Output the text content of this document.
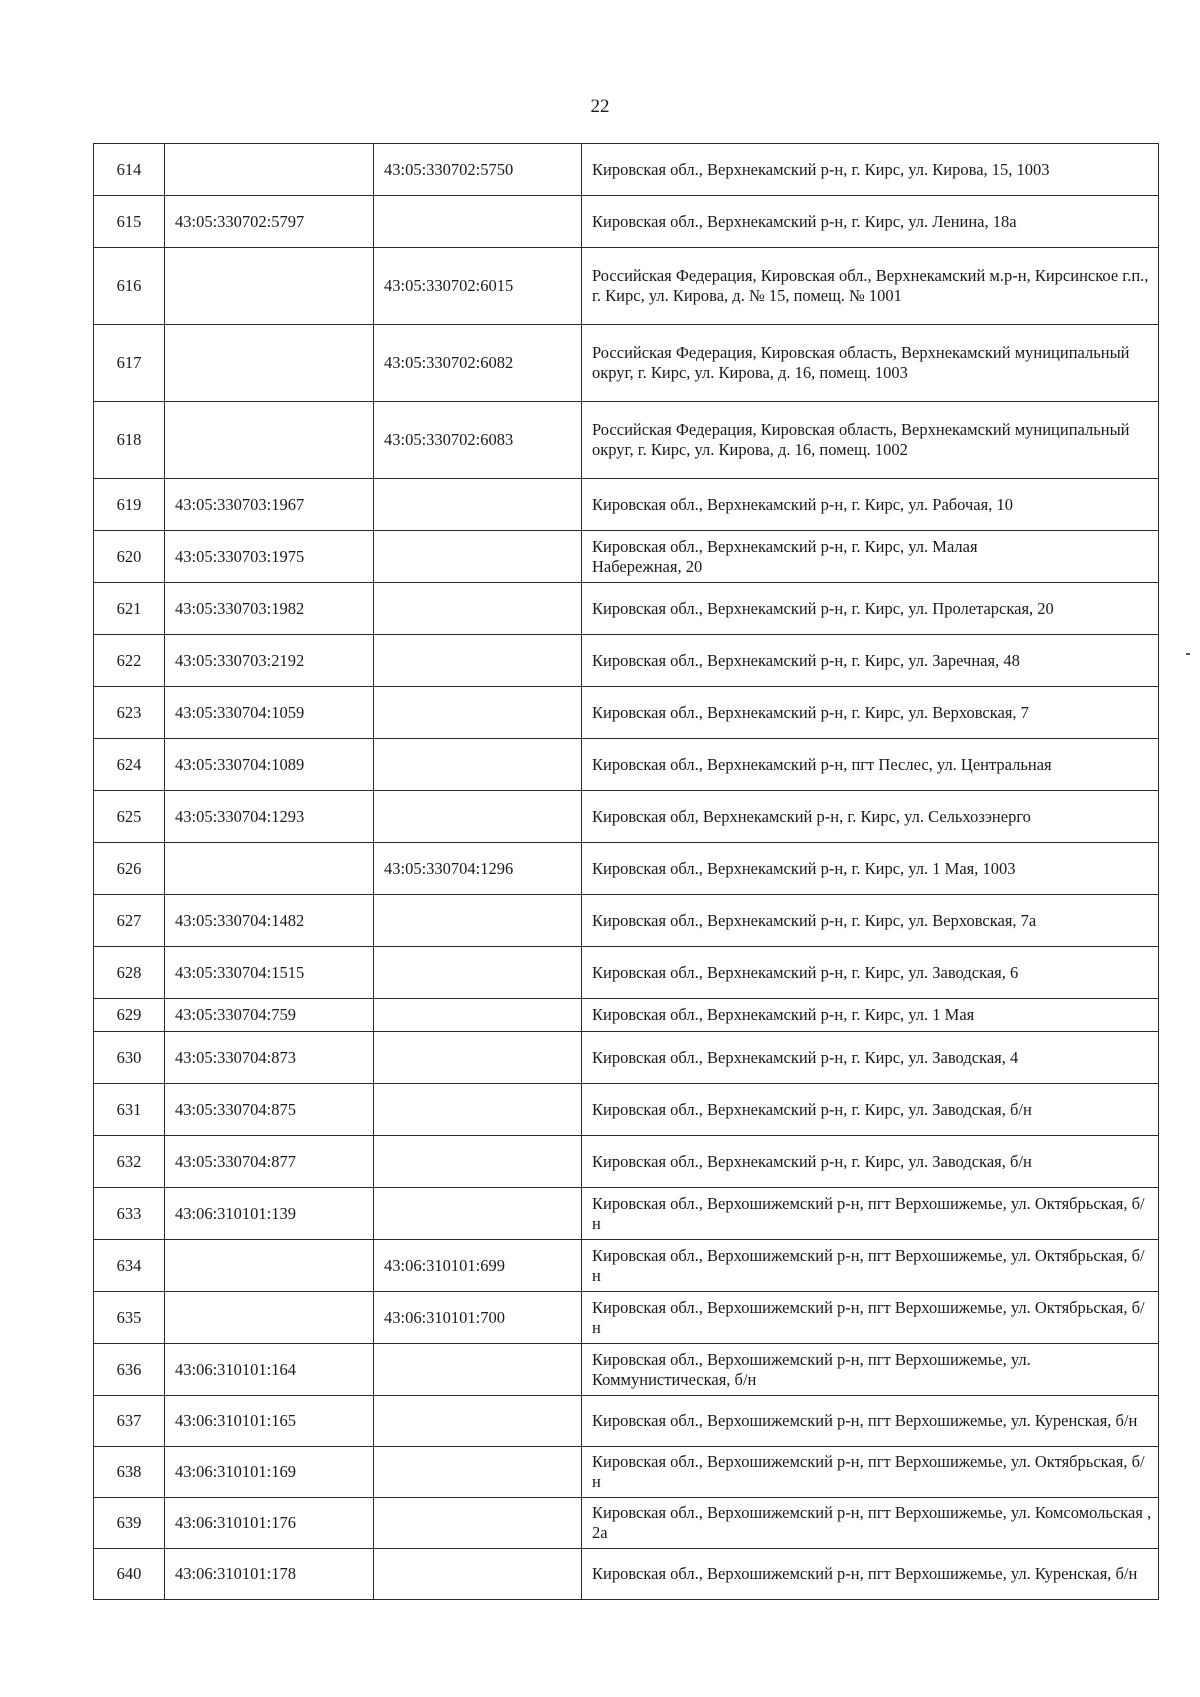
22
614		43:05:330702:5750	Кировская обл., Верхнекамский р-н, г. Кирс, ул. Кирова, 15, 1003
615	43:05:330702:5797		Кировская обл., Верхнекамский р-н, г. Кирс, ул. Ленина, 18а
616		43:05:330702:6015	Российская Федерация, Кировская обл., Верхнекамский м.р-н, Кирсинское г.п., г. Кирс, ул. Кирова, д. № 15, помещ. № 1001
617		43:05:330702:6082	Российская Федерация, Кировская область, Верхнекамский муниципальный округ, г. Кирс, ул. Кирова, д. 16, помещ. 1003
618		43:05:330702:6083	Российская Федерация, Кировская область, Верхнекамский муниципальный округ, г. Кирс, ул. Кирова, д. 16, помещ. 1002
619	43:05:330703:1967		Кировская обл., Верхнекамский р-н, г. Кирс, ул. Рабочая, 10
620	43:05:330703:1975		Кировская обл., Верхнекамский р-н, г. Кирс, ул. Малая Набережная, 20
621	43:05:330703:1982		Кировская обл., Верхнекамский р-н, г. Кирс, ул. Пролетарская, 20
622	43:05:330703:2192		Кировская обл., Верхнекамский р-н, г. Кирс, ул. Заречная, 48
623	43:05:330704:1059		Кировская обл., Верхнекамский р-н, г. Кирс, ул. Верховская, 7
624	43:05:330704:1089		Кировская обл., Верхнекамский р-н, пгт Песлес, ул. Центральная
625	43:05:330704:1293		Кировская обл, Верхнекамский р-н, г. Кирс, ул. Сельхозэнерго
626		43:05:330704:1296	Кировская обл., Верхнекамский р-н, г. Кирс, ул. 1 Мая, 1003
627	43:05:330704:1482		Кировская обл., Верхнекамский р-н, г. Кирс, ул. Верховская, 7а
628	43:05:330704:1515		Кировская обл., Верхнекамский р-н, г. Кирс, ул. Заводская, 6
629	43:05:330704:759		Кировская обл., Верхнекамский р-н, г. Кирс, ул. 1 Мая
630	43:05:330704:873		Кировская обл., Верхнекамский р-н, г. Кирс, ул. Заводская, 4
631	43:05:330704:875		Кировская обл., Верхнекамский р-н, г. Кирс, ул. Заводская, б/н
632	43:05:330704:877		Кировская обл., Верхнекамский р-н, г. Кирс, ул. Заводская, б/н
633	43:06:310101:139		Кировская обл., Верхошижемский р-н, пгт Верхошижемье, ул. Октябрьская, б/н
634		43:06:310101:699	Кировская обл., Верхошижемский р-н, пгт Верхошижемье, ул. Октябрьская, б/н
635		43:06:310101:700	Кировская обл., Верхошижемский р-н, пгт Верхошижемье, ул. Октябрьская, б/н
636	43:06:310101:164		Кировская обл., Верхошижемский р-н, пгт Верхошижемье, ул. Коммунистическая, б/н
637	43:06:310101:165		Кировская обл., Верхошижемский р-н, пгт Верхошижемье, ул. Куренская, б/н
638	43:06:310101:169		Кировская обл., Верхошижемский р-н, пгт Верхошижемье, ул. Октябрьская, б/н
639	43:06:310101:176		Кировская обл., Верхошижемский р-н, пгт Верхошижемье, ул. Комсомольская , 2а
640	43:06:310101:178		Кировская обл., Верхошижемский р-н, пгт Верхошижемье, ул. Куренская, б/н
